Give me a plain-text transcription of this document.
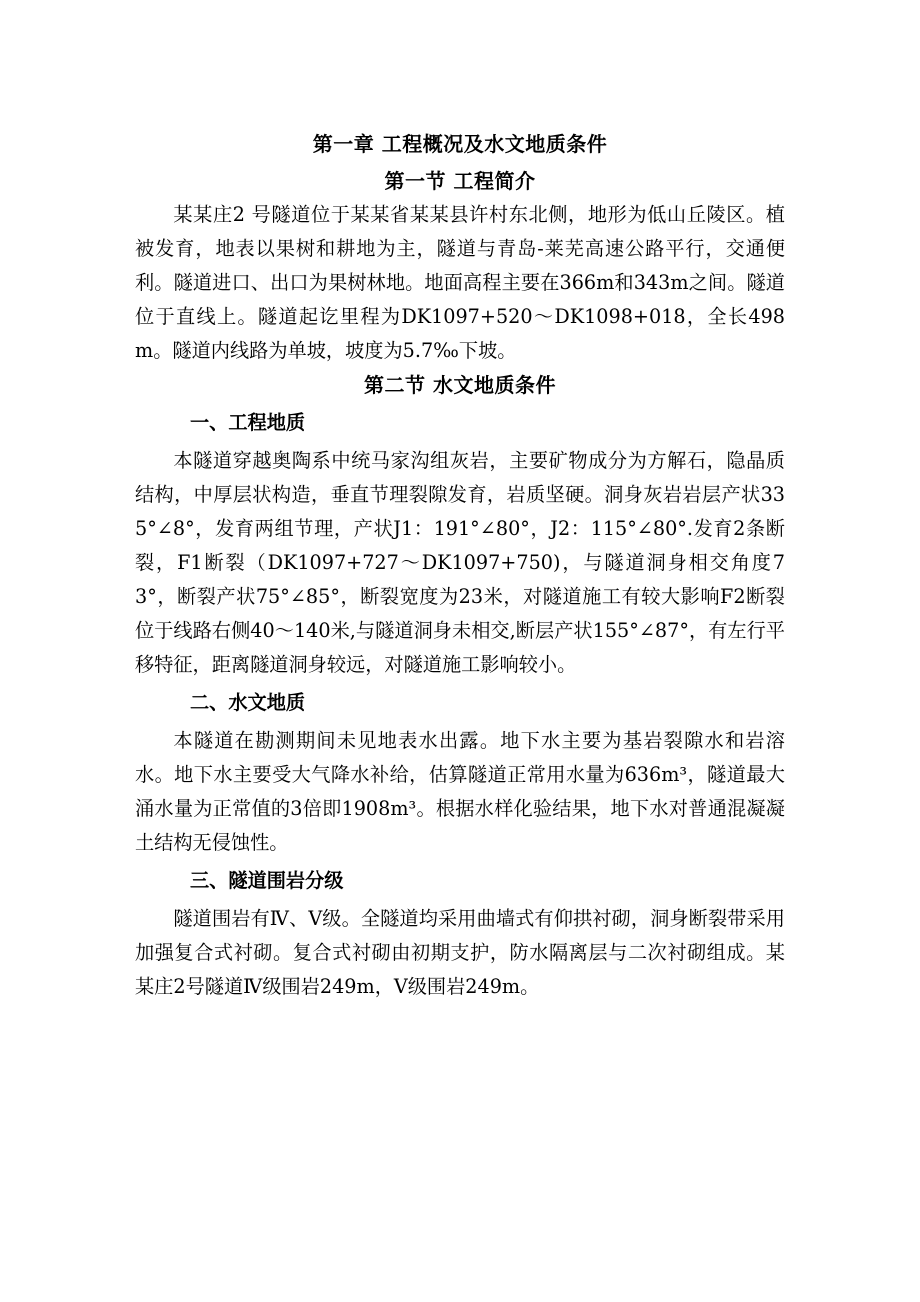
第一章 工程概况及水文地质条件
第一节 工程简介

某某庄2 号隧道位于某某省某某县许村东北侧，地形为低山丘陵区。植被发育，地表以果树和耕地为主，隧道与青岛-莱芜高速公路平行，交通便利。隧道进口、出口为果树林地。地面高程主要在366m和343m之间。隧道位于直线上。隧道起讫里程为DK1097+520～DK1098+018，全长498m。隧道内线路为单坡，坡度为5.7‰下坡。

第二节 水文地质条件
一、工程地质

本隧道穿越奥陶系中统马家沟组灰岩，主要矿物成分为方解石，隐晶质结构，中厚层状构造，垂直节理裂隙发育，岩质坚硬。洞身灰岩岩层产状335°∠8°，发育两组节理，产状J1：191°∠80°，J2：115°∠80°.发育2条断裂，F1断裂（DK1097+727～DK1097+750)，与隧道洞身相交角度73°，断裂产状75°∠85°，断裂宽度为23米，对隧道施工有较大影响F2断裂位于线路右侧40～140米,与隧道洞身未相交,断层产状155°∠87°，有左行平移特征，距离隧道洞身较远，对隧道施工影响较小。

二、水文地质

本隧道在勘测期间未见地表水出露。地下水主要为基岩裂隙水和岩溶水。地下水主要受大气降水补给，估算隧道正常用水量为636m³，隧道最大涌水量为正常值的3倍即1908m³。根据水样化验结果，地下水对普通混凝凝土结构无侵蚀性。

三、隧道围岩分级

隧道围岩有Ⅳ、Ⅴ级。全隧道均采用曲墙式有仰拱衬砌，洞身断裂带采用加强复合式衬砌。复合式衬砌由初期支护，防水隔离层与二次衬砌组成。某某庄2号隧道Ⅳ级围岩249m，Ⅴ级围岩249m。
